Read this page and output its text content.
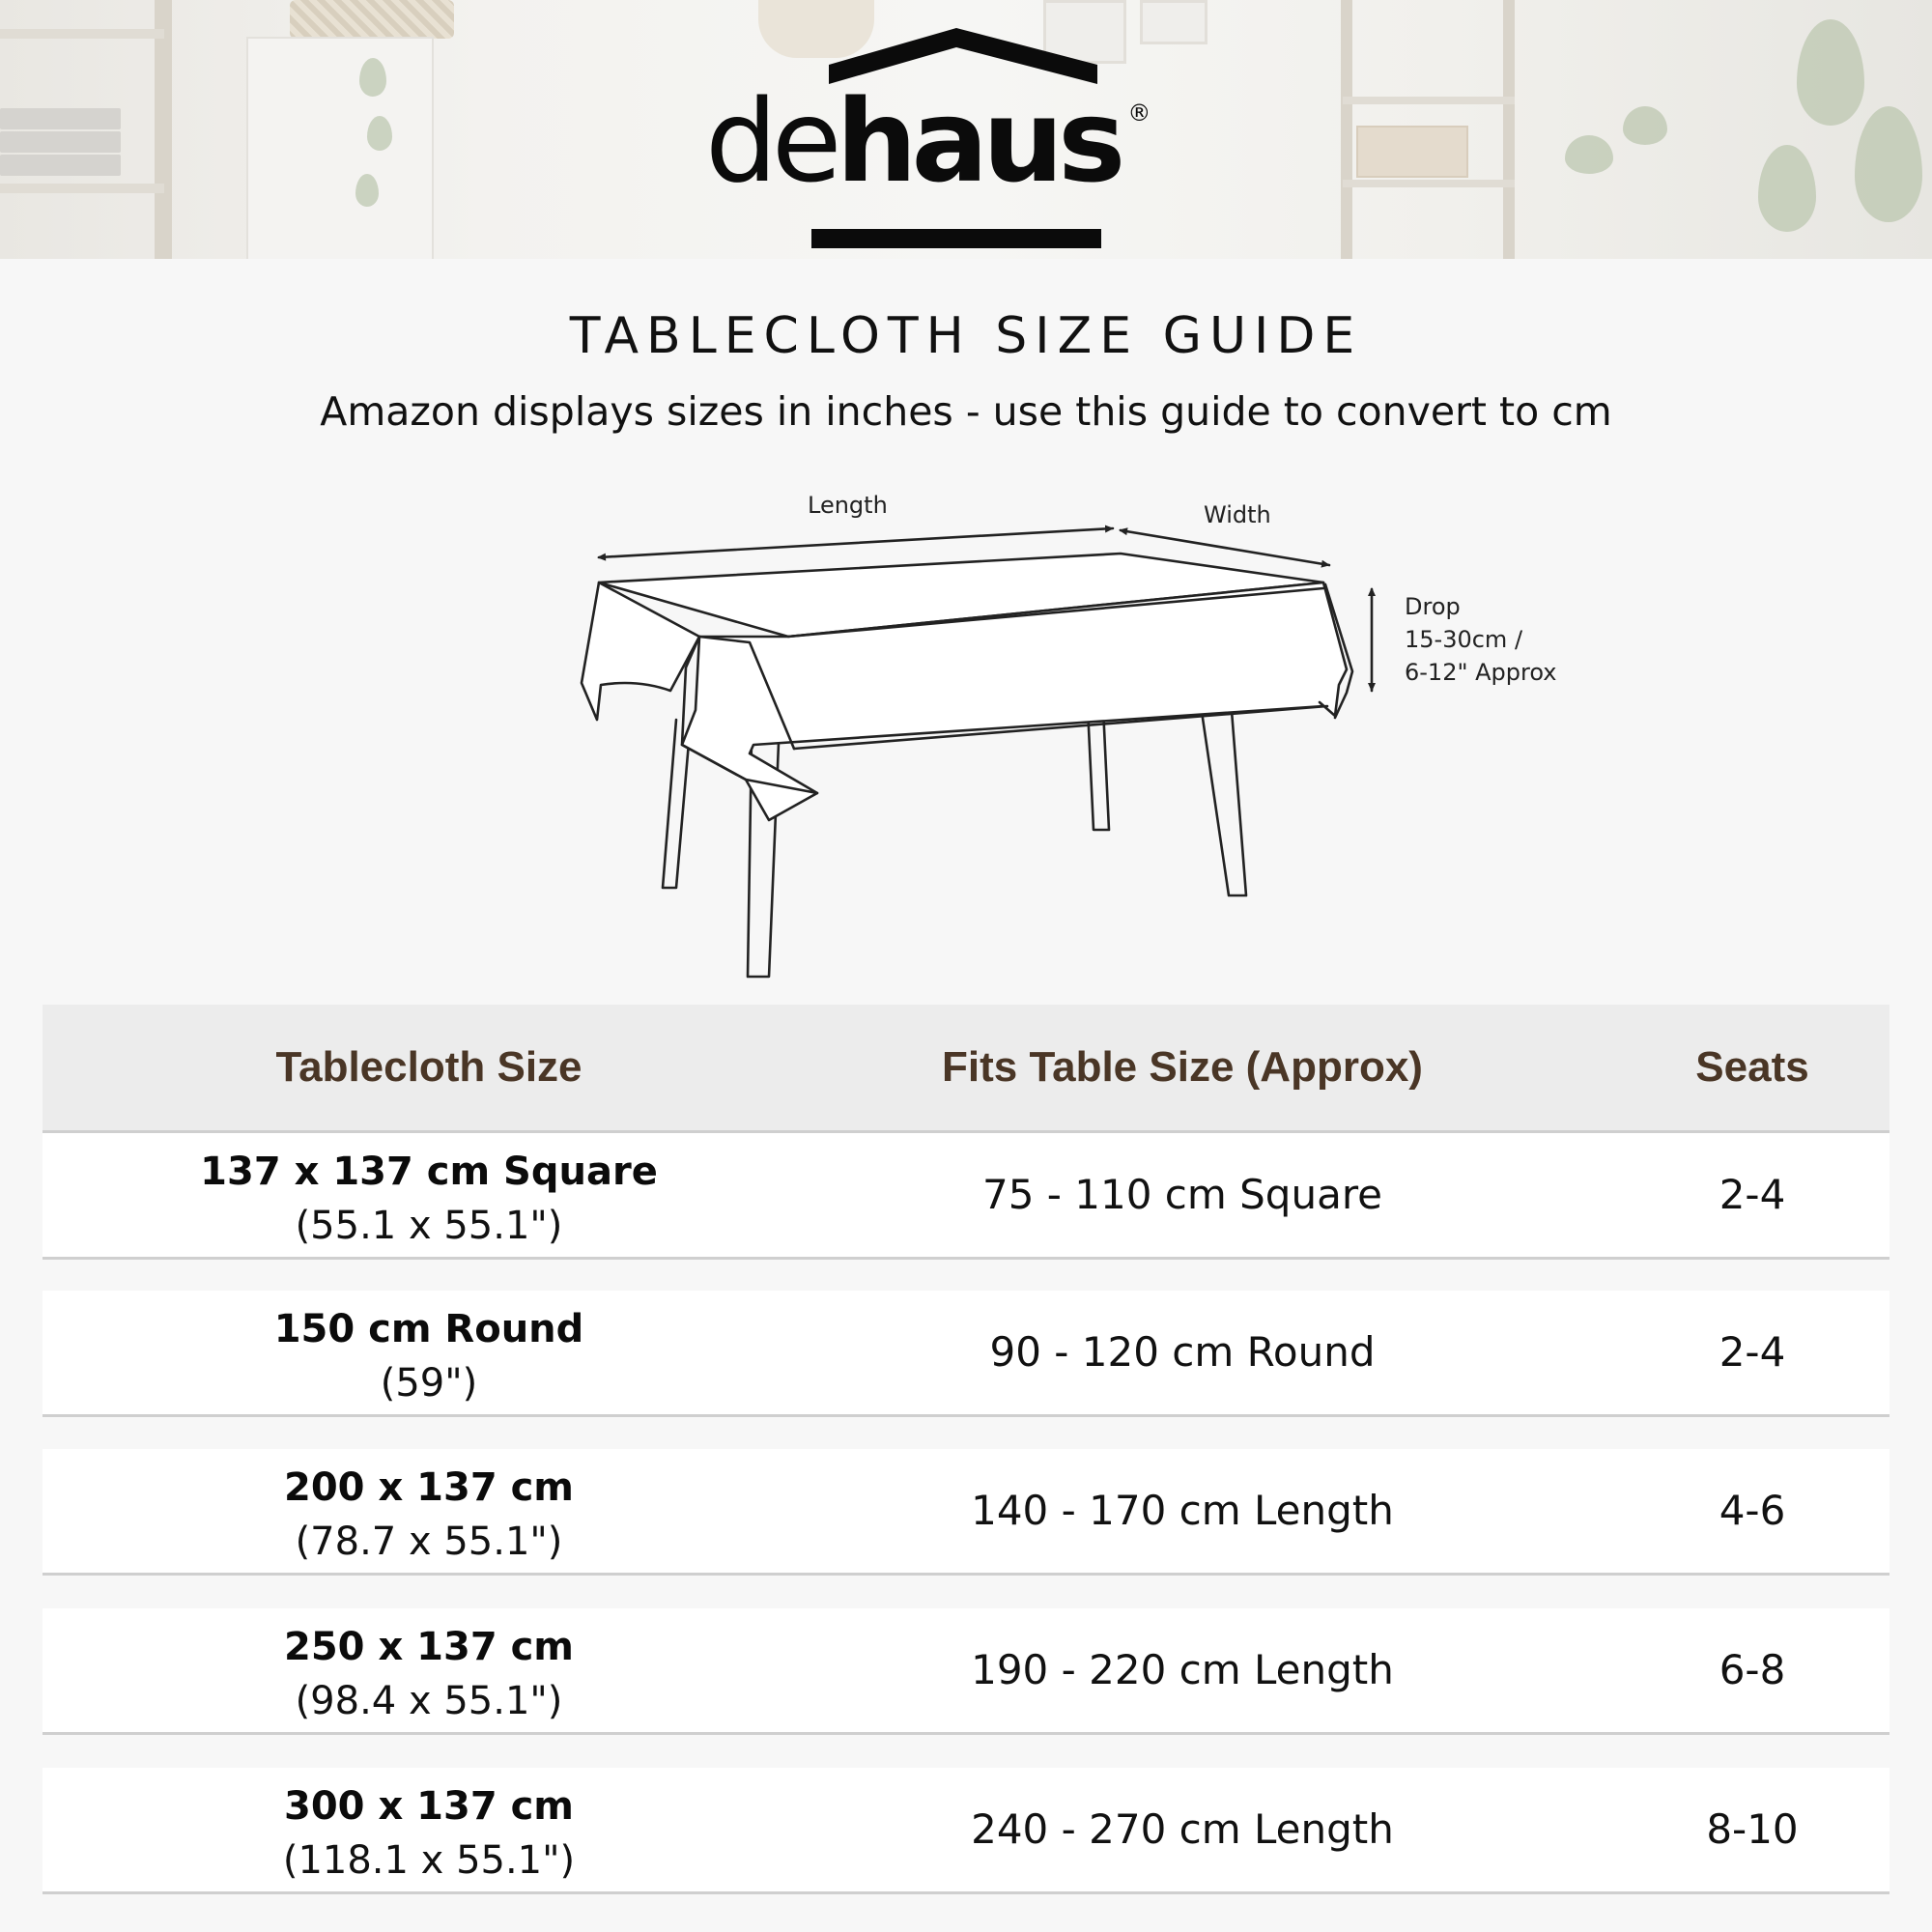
dehaus ®
TABLECLOTH SIZE GUIDE
Amazon displays sizes in inches - use this guide to convert to cm
Length	Width
Drop
15-30cm /
6-12" Approx
Tablecloth Size	Fits Table Size (Approx)	Seats
137 x 137 cm Square
(55.1 x 55.1")
75 - 110 cm Square	2-4
150 cm Round
(59")
90 - 120 cm Round	2-4
200 x 137 cm
(78.7 x 55.1")
140 - 170 cm Length	4-6
250 x 137 cm
(98.4 x 55.1")
190 - 220 cm Length	6-8
300 x 137 cm
(118.1 x 55.1")
240 - 270 cm Length	8-10
